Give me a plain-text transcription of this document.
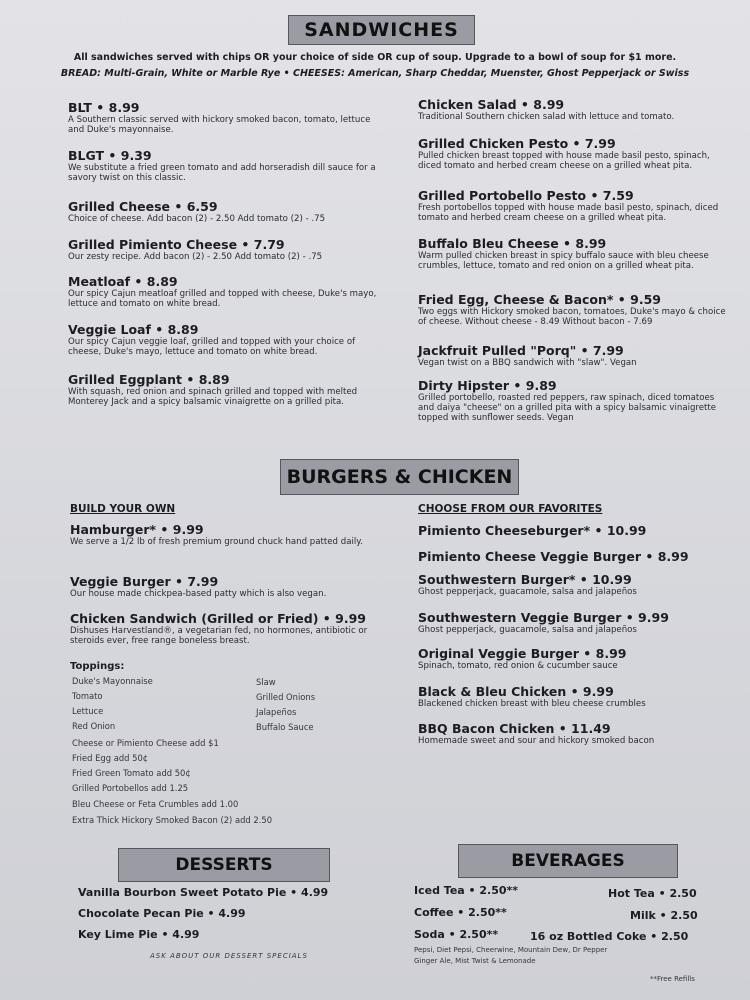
SANDWICHES
All sandwiches served with chips OR your choice of side OR cup of soup. Upgrade to a bowl of soup for $1 more.
BREAD: Multi-Grain, White or Marble Rye • CHEESES: American, Sharp Cheddar, Muenster, Ghost Pepperjack or Swiss
BLT • 8.99
A Southern classic served with hickory smoked bacon, tomato, lettuce and Duke's mayonnaise.
BLGT • 9.39
We substitute a fried green tomato and add horseradish dill sauce for a savory twist on this classic.
Grilled Cheese • 6.59
Choice of cheese. Add bacon (2) - 2.50 Add tomato (2) - .75
Grilled Pimiento Cheese • 7.79
Our zesty recipe. Add bacon (2) - 2.50 Add tomato (2) - .75
Meatloaf • 8.89
Our spicy Cajun meatloaf grilled and topped with cheese, Duke's mayo, lettuce and tomato on white bread.
Veggie Loaf • 8.89
Our spicy Cajun veggie loaf, grilled and topped with your choice of cheese, Duke's mayo, lettuce and tomato on white bread.
Grilled Eggplant • 8.89
With squash, red onion and spinach grilled and topped with melted Monterey Jack and a spicy balsamic vinaigrette on a grilled pita.
Chicken Salad • 8.99
Traditional Southern chicken salad with lettuce and tomato.
Grilled Chicken Pesto • 7.99
Pulled chicken breast topped with house made basil pesto, spinach, diced tomato and herbed cream cheese on a grilled wheat pita.
Grilled Portobello Pesto • 7.59
Fresh portobellos topped with house made basil pesto, spinach, diced tomato and herbed cream cheese on a grilled wheat pita.
Buffalo Bleu Cheese • 8.99
Warm pulled chicken breast in spicy buffalo sauce with bleu cheese crumbles, lettuce, tomato and red onion on a grilled wheat pita.
Fried Egg, Cheese & Bacon* • 9.59
Two eggs with Hickory smoked bacon, tomatoes, Duke's mayo & choice of cheese. Without cheese - 8.49 Without bacon - 7.69
Jackfruit Pulled "Porq" • 7.99
Vegan twist on a BBQ sandwich with "slaw". Vegan
Dirty Hipster • 9.89
Grilled portobello, roasted red peppers, raw spinach, diced tomatoes and daiya "cheese" on a grilled pita with a spicy balsamic vinaigrette topped with sunflower seeds. Vegan
BURGERS & CHICKEN
BUILD YOUR OWN	CHOOSE FROM OUR FAVORITES
Hamburger* • 9.99
We serve a 1/2 lb of fresh premium ground chuck hand patted daily.
Veggie Burger • 7.99
Our house made chickpea-based patty which is also vegan.
Chicken Sandwich (Grilled or Fried) • 9.99
Dishuses Harvestland®, a vegetarian fed, no hormones, antibiotic or steroids ever, free range boneless breast.
Toppings:
Duke's Mayonnaise
Tomato
Lettuce
Red Onion
Slaw
Grilled Onions
Jalapeños
Buffalo Sauce
Cheese or Pimiento Cheese add $1
Fried Egg add 50¢
Fried Green Tomato add 50¢
Grilled Portobellos add 1.25
Bleu Cheese or Feta Crumbles add 1.00
Extra Thick Hickory Smoked Bacon (2) add 2.50
Pimiento Cheeseburger* • 10.99
Pimiento Cheese Veggie Burger • 8.99
Southwestern Burger* • 10.99
Ghost pepperjack, guacamole, salsa and jalapeños
Southwestern Veggie Burger • 9.99
Ghost pepperjack, guacamole, salsa and jalapeños
Original Veggie Burger • 8.99
Spinach, tomato, red onion & cucumber sauce
Black & Bleu Chicken • 9.99
Blackened chicken breast with bleu cheese crumbles
BBQ Bacon Chicken • 11.49
Homemade sweet and sour and hickory smoked bacon
DESSERTS
Vanilla Bourbon Sweet Potato Pie • 4.99
Chocolate Pecan Pie • 4.99
Key Lime Pie • 4.99
ASK ABOUT OUR DESSERT SPECIALS
BEVERAGES
Iced Tea • 2.50**
Coffee • 2.50**
Soda • 2.50**
Hot Tea • 2.50
Milk • 2.50
16 oz Bottled Coke • 2.50
Pepsi, Diet Pepsi, Cheerwine, Mountain Dew, Dr Pepper
Ginger Ale, Mist Twist & Lemonade
**Free Refills
